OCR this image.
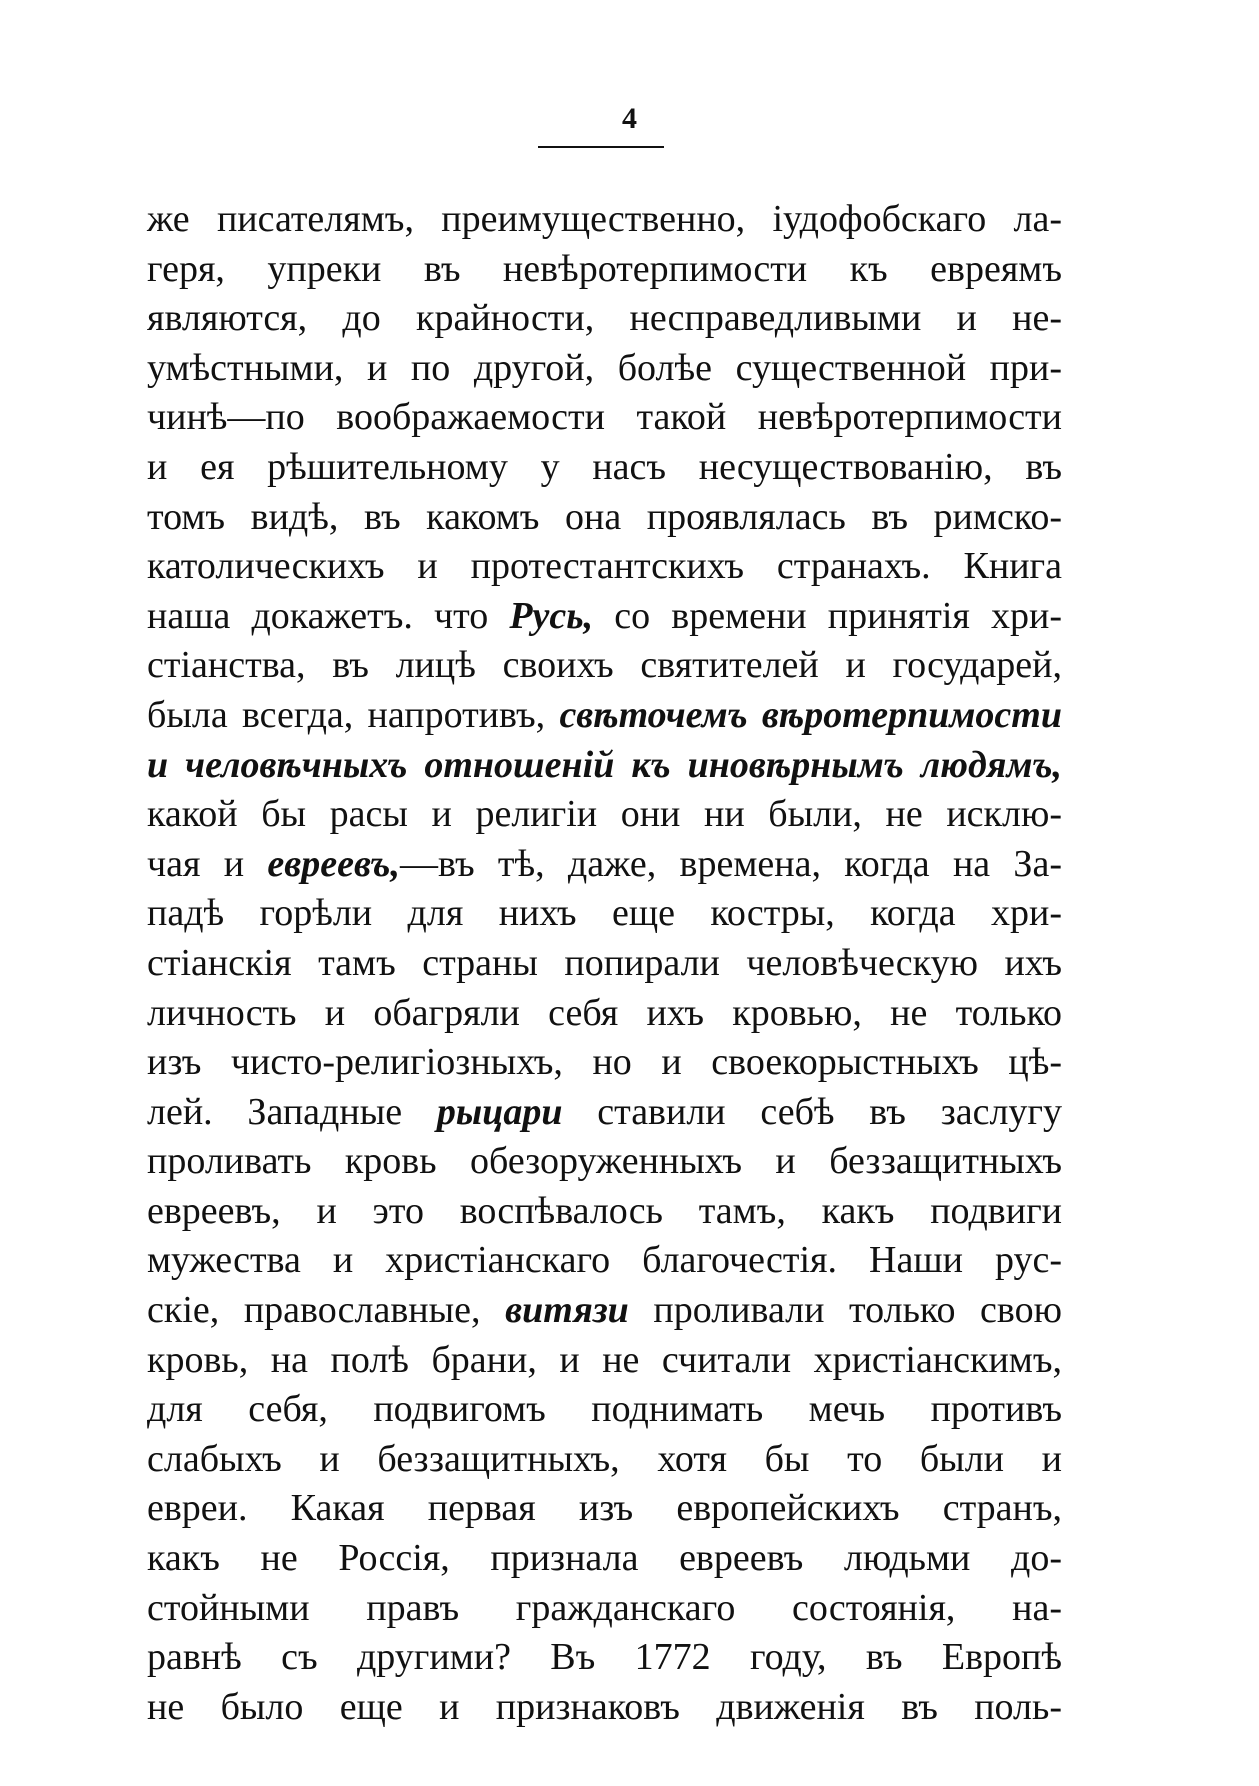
4
же писателямъ, преимущественно, іудофобскаго ла-
геря, упреки въ невѣротерпимости къ евреямъ
являются, до крайности, несправедливыми и не-
умѣстными, и по другой, болѣе существенной при-
чинѣ—по воображаемости такой невѣротерпимости
и ея рѣшительному у насъ несуществованію, въ
томъ видѣ, въ какомъ она проявлялась въ римско-
католическихъ и протестантскихъ странахъ. Книга
наша докажетъ. что Русь, со времени принятія хри-
стіанства, въ лицѣ своихъ святителей и государей,
была всегда, напротивъ, свѣточемъ вѣротерпимости
и человѣчныхъ отношеній къ иновѣрнымъ людямъ,
какой бы расы и религіи они ни были, не исклю-
чая и евреевъ,—въ тѣ, даже, времена, когда на За-
падѣ горѣли для нихъ еще костры, когда хри-
стіанскія тамъ страны попирали человѣческую ихъ
личность и обагряли себя ихъ кровью, не только
изъ чисто-религіозныхъ, но и своекорыстныхъ цѣ-
лей. Западные рыцари ставили себѣ въ заслугу
проливать кровь обезоруженныхъ и беззащитныхъ
евреевъ, и это воспѣвалось тамъ, какъ подвиги
мужества и христіанскаго благочестія. Наши рус-
скіе, православные, витязи проливали только свою
кровь, на полѣ брани, и не считали христіанскимъ,
для себя, подвигомъ поднимать мечь противъ
слабыхъ и беззащитныхъ, хотя бы то были и
евреи. Какая первая изъ европейскихъ странъ,
какъ не Россія, признала евреевъ людьми до-
стойными правъ гражданскаго состоянія, на-
равнѣ съ другими? Въ 1772 году, въ Европѣ
не было еще и признаковъ движенія въ поль-
